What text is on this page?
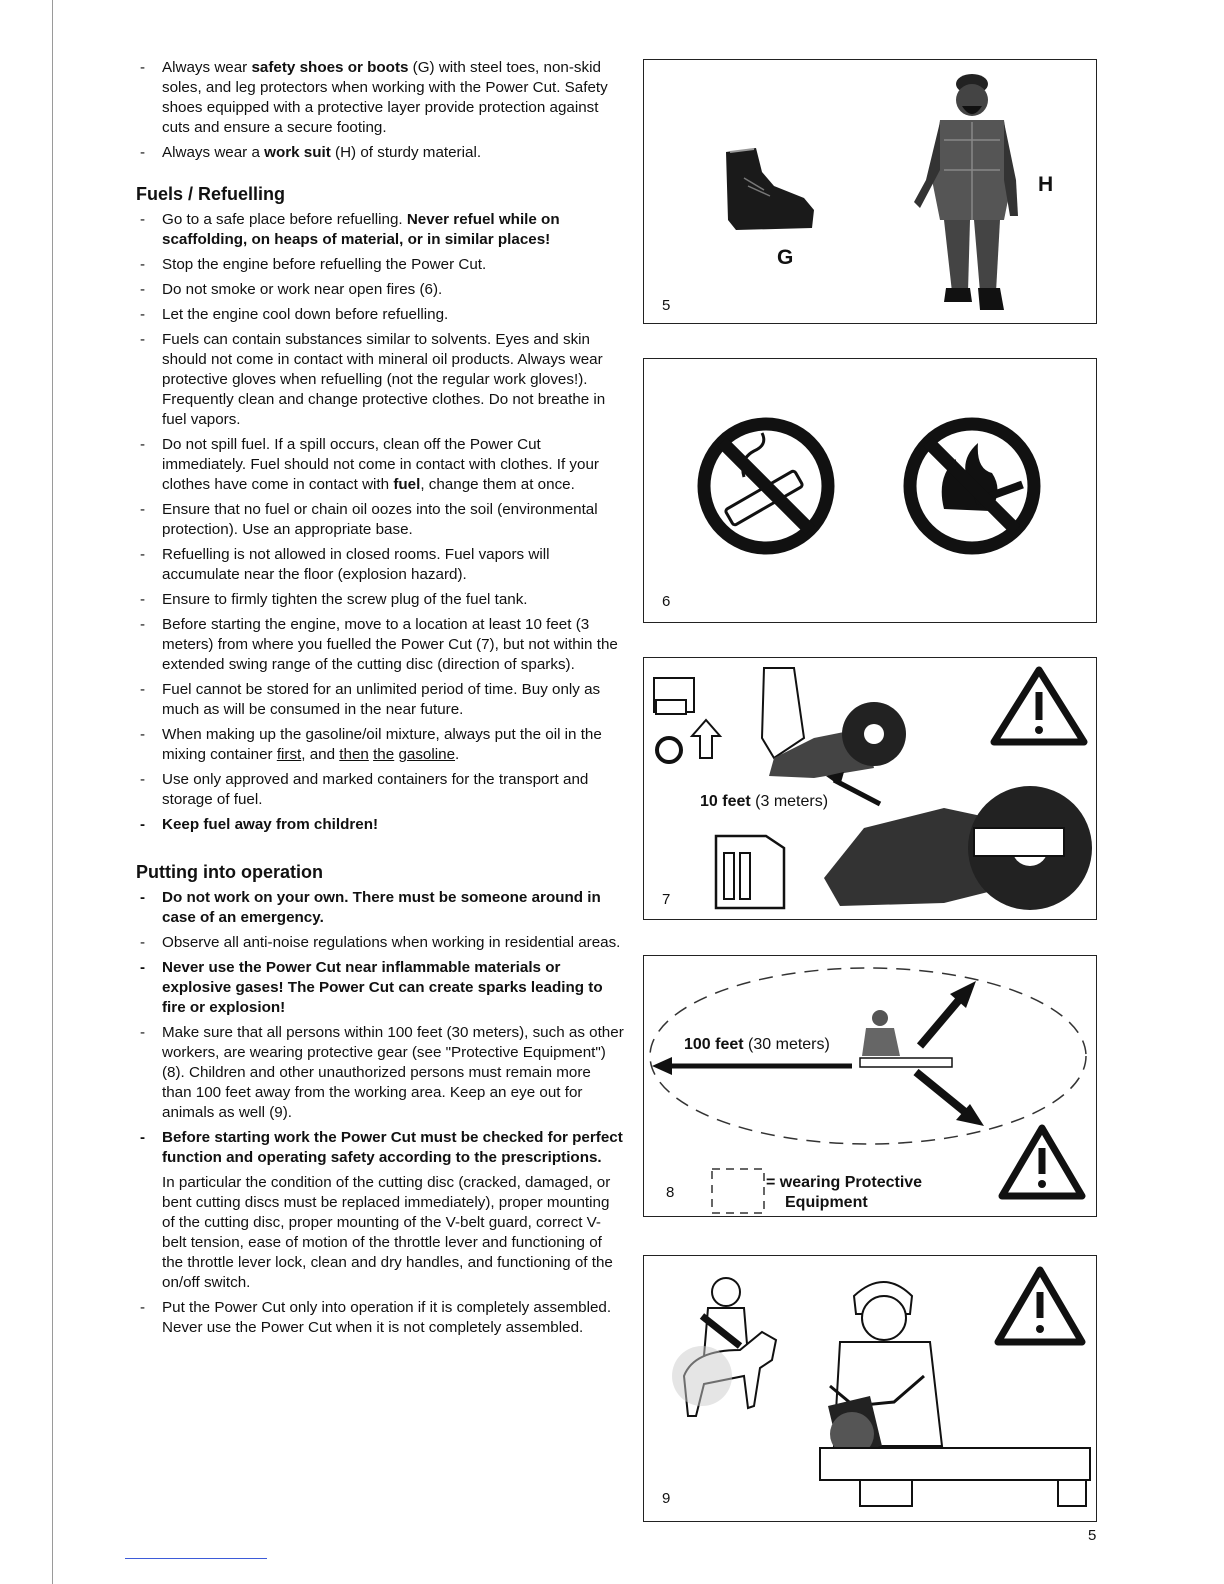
- Always wear safety shoes or boots (G) with steel toes, non-skid soles, and leg protectors when working with the Power Cut. Safety shoes equipped with a protective layer provide protection against cuts and ensure a secure footing.
- Always wear a work suit (H) of sturdy material.
Fuels / Refuelling
- Go to a safe place before refuelling. Never refuel while on scaffolding, on heaps of material, or in similar places!
- Stop the engine before refuelling the Power Cut.
- Do not smoke or work near open fires (6).
- Let the engine cool down before refuelling.
- Fuels can contain substances similar to solvents. Eyes and skin should not come in contact with mineral oil products. Always wear protective gloves when refuelling (not the regular work gloves!). Frequently clean and change protective clothes. Do not breathe in fuel vapors.
- Do not spill fuel. If a spill occurs, clean off the Power Cut immediately. Fuel should not come in contact with clothes. If your clothes have come in contact with fuel, change them at once.
- Ensure that no fuel or chain oil oozes into the soil (environmental protection). Use an appropriate base.
- Refuelling is not allowed in closed rooms. Fuel vapors will accumulate near the floor (explosion hazard).
- Ensure to firmly tighten the screw plug of the fuel tank.
- Before starting the engine, move to a location at least 10 feet (3 meters) from where you fuelled the Power Cut (7), but not within the extended swing range of the cutting disc (direction of sparks).
- Fuel cannot be stored for an unlimited period of time. Buy only as much as will be consumed in the near future.
- When making up the gasoline/oil mixture, always put the oil in the mixing container first, and then the gasoline.
- Use only approved and marked containers for the transport and storage of fuel.
- Keep fuel away from children!
Putting into operation
- Do not work on your own. There must be someone around in case of an emergency.
- Observe all anti-noise regulations when working in residential areas.
- Never use the Power Cut near inflammable materials or explosive gases! The Power Cut can create sparks leading to fire or explosion!
- Make sure that all persons within 100 feet (30 meters), such as other workers, are wearing protective gear (see "Protective Equipment") (8). Children and other unauthorized persons must remain more than 100 feet away from the working area. Keep an eye out for animals as well (9).
- Before starting work the Power Cut must be checked for perfect function and operating safety according to the prescriptions.
In particular the condition of the cutting disc (cracked, damaged, or bent cutting discs must be replaced immediately), proper mounting of the cutting disc, proper mounting of the V-belt guard, correct V-belt tension, ease of motion of the throttle lever and functioning of the throttle lever lock, clean and dry handles, and functioning of the on/off switch.
- Put the Power Cut only into operation if it is completely assembled. Never use the Power Cut when it is not completely assembled.
G
H
5
6
10 feet (3 meters)
7
100 feet (30 meters)
= wearing Protective
Equipment
8
9
5
